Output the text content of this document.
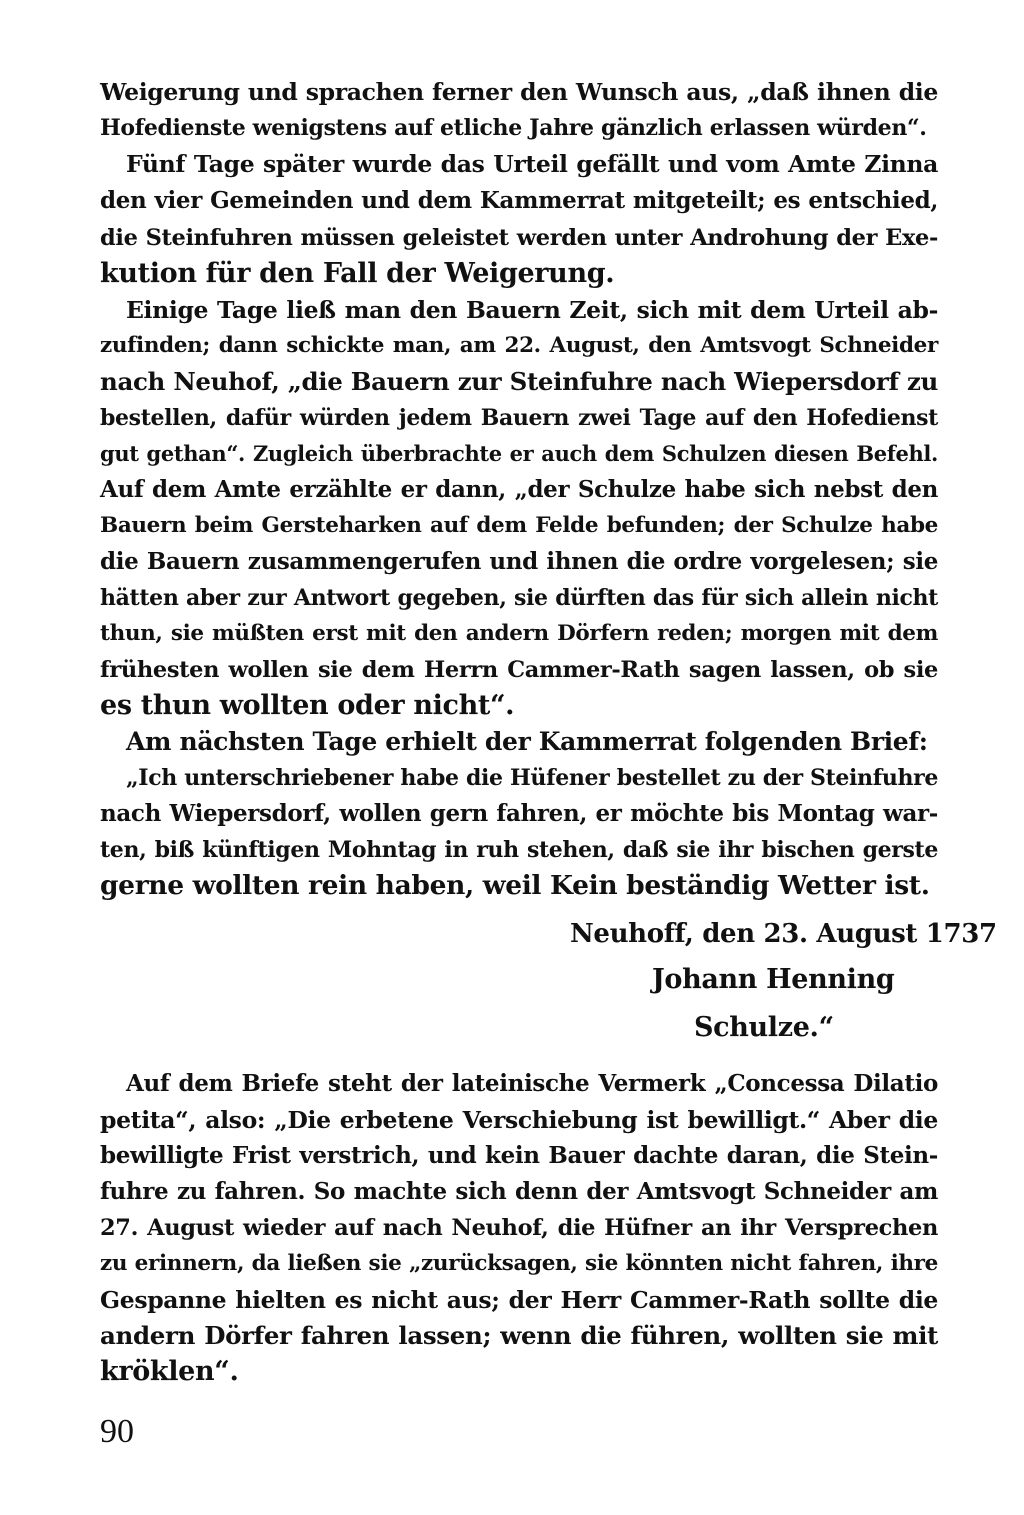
Weigerung und sprachen ferner den Wunsch aus, „daß ihnen die
Hofedienste wenigstens auf etliche Jahre gänzlich erlassen würden“.
Fünf Tage später wurde das Urteil gefällt und vom Amte Zinna
den vier Gemeinden und dem Kammerrat mitgeteilt; es entschied,
die Steinfuhren müssen geleistet werden unter Androhung der Exe-
kution für den Fall der Weigerung.
Einige Tage ließ man den Bauern Zeit, sich mit dem Urteil ab-
zufinden; dann schickte man, am 22. August, den Amtsvogt Schneider
nach Neuhof, „die Bauern zur Steinfuhre nach Wiepersdorf zu
bestellen, dafür würden jedem Bauern zwei Tage auf den Hofedienst
gut gethan“. Zugleich überbrachte er auch dem Schulzen diesen Befehl.
Auf dem Amte erzählte er dann, „der Schulze habe sich nebst den
Bauern beim Gersteharken auf dem Felde befunden; der Schulze habe
die Bauern zusammengerufen und ihnen die ordre vorgelesen; sie
hätten aber zur Antwort gegeben, sie dürften das für sich allein nicht
thun, sie müßten erst mit den andern Dörfern reden; morgen mit dem
frühesten wollen sie dem Herrn Cammer-Rath sagen lassen, ob sie
es thun wollten oder nicht“.
Am nächsten Tage erhielt der Kammerrat folgenden Brief:
„Ich unterschriebener habe die Hüfener bestellet zu der Steinfuhre
nach Wiepersdorf, wollen gern fahren, er möchte bis Montag war-
ten, biß künftigen Mohntag in ruh stehen, daß sie ihr bischen gerste
gerne wollten rein haben, weil Kein beständig Wetter ist.
Neuhoff, den 23. August 1737
Johann Henning
Schulze.“
Auf dem Briefe steht der lateinische Vermerk „Concessa Dilatio
petita“, also: „Die erbetene Verschiebung ist bewilligt.“ Aber die
bewilligte Frist verstrich, und kein Bauer dachte daran, die Stein-
fuhre zu fahren. So machte sich denn der Amtsvogt Schneider am
27. August wieder auf nach Neuhof, die Hüfner an ihr Versprechen
zu erinnern, da ließen sie „zurücksagen, sie könnten nicht fahren, ihre
Gespanne hielten es nicht aus; der Herr Cammer-Rath sollte die
andern Dörfer fahren lassen; wenn die führen, wollten sie mit
kröklen“.
90
